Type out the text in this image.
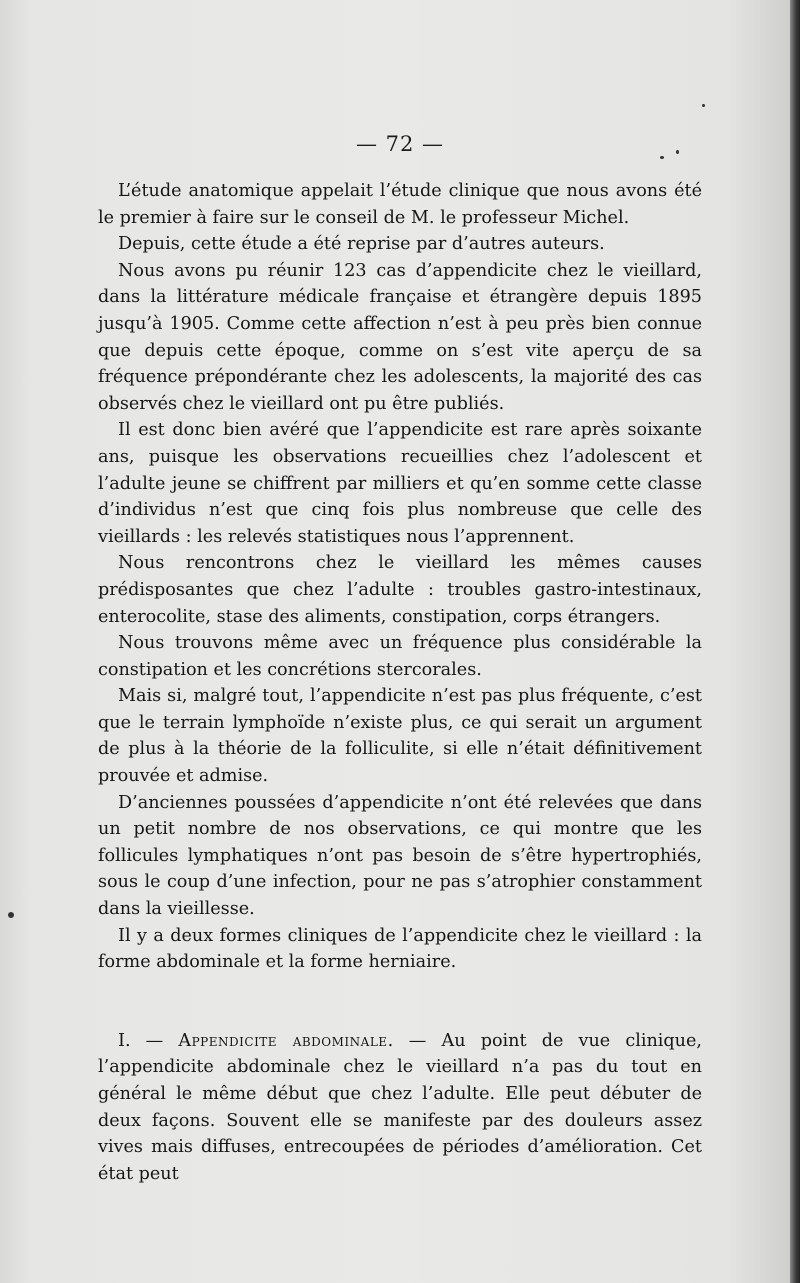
— 72 —

L’étude anatomique appelait l’étude clinique que nous avons été le premier à faire sur le conseil de M. le professeur Michel.

Depuis, cette étude a été reprise par d’autres auteurs.

Nous avons pu réunir 123 cas d’appendicite chez le vieillard, dans la littérature médicale française et étrangère depuis 1895 jusqu’à 1905. Comme cette affection n’est à peu près bien connue que depuis cette époque, comme on s’est vite aperçu de sa fréquence prépondérante chez les adolescents, la majorité des cas observés chez le vieillard ont pu être publiés.

Il est donc bien avéré que l’appendicite est rare après soixante ans, puisque les observations recueillies chez l’adolescent et l’adulte jeune se chiffrent par milliers et qu’en somme cette classe d’individus n’est que cinq fois plus nombreuse que celle des vieillards : les relevés statistiques nous l’apprennent.

Nous rencontrons chez le vieillard les mêmes causes prédisposantes que chez l’adulte : troubles gastro-intestinaux, enterocolite, stase des aliments, constipation, corps étrangers.

Nous trouvons même avec un fréquence plus considérable la constipation et les concrétions stercorales.

Mais si, malgré tout, l’appendicite n’est pas plus fréquente, c’est que le terrain lymphoïde n’existe plus, ce qui serait un argument de plus à la théorie de la folliculite, si elle n’était définitivement prouvée et admise.

D’anciennes poussées d’appendicite n’ont été relevées que dans un petit nombre de nos observations, ce qui montre que les follicules lymphatiques n’ont pas besoin de s’être hypertrophiés, sous le coup d’une infection, pour ne pas s’atrophier constamment dans la vieillesse.

Il y a deux formes cliniques de l’appendicite chez le vieillard : la forme abdominale et la forme herniaire.

I. — Appendicite abdominale. — Au point de vue clinique, l’appendicite abdominale chez le vieillard n’a pas du tout en général le même début que chez l’adulte. Elle peut débuter de deux façons. Souvent elle se manifeste par des douleurs assez vives mais diffuses, entrecoupées de périodes d’amélioration. Cet état peut
